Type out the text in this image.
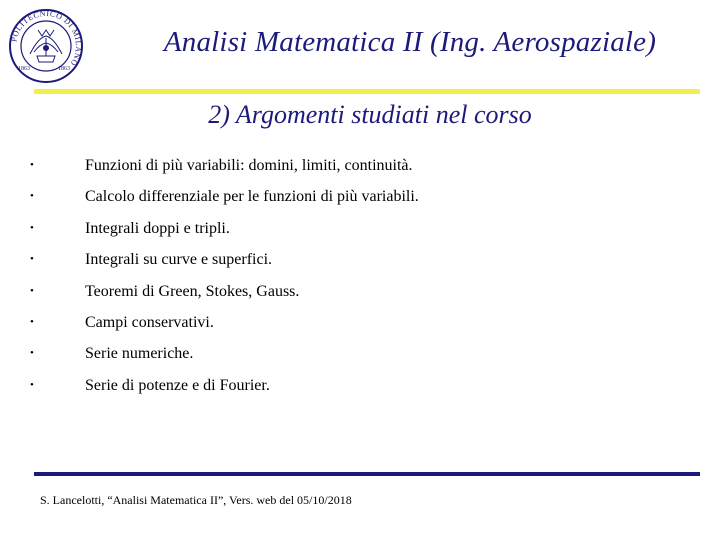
POLITECNICO DI MILANO
1863	1863
Analisi Matematica II (Ing. Aerospaziale)
2) Argomenti studiati nel corso
•	Funzioni di più variabili: domini, limiti, continuità.
•	Calcolo differenziale per le funzioni di più variabili.
•	Integrali doppi e tripli.
•	Integrali su curve e superfici.
•	Teoremi di Green, Stokes, Gauss.
•	Campi conservativi.
•	Serie numeriche.
•	Serie di potenze e di Fourier.
S. Lancelotti, “Analisi Matematica II”, Vers. web del 05/10/2018
